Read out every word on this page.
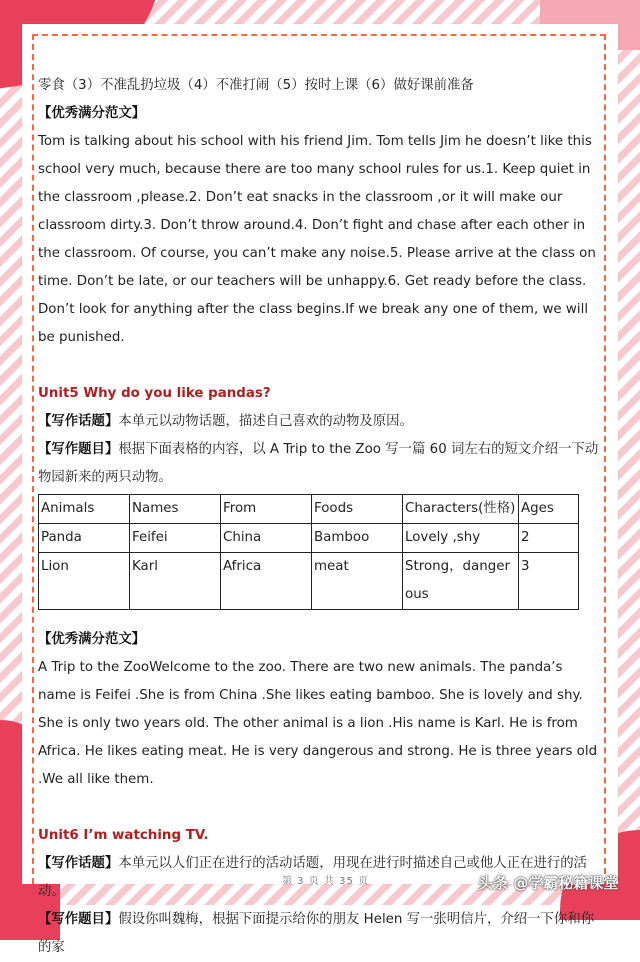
零食（3）不准乱扔垃圾（4）不准打闹（5）按时上课（6）做好课前准备

【优秀满分范文】

Tom is talking about his school with his friend Jim. Tom tells Jim he doesn’t like this school very much, because there are too many school rules for us.1. Keep quiet in the classroom ,please.2. Don’t eat snacks in the classroom ,or it will make our classroom dirty.3. Don’t throw around.4. Don’t fight and chase after each other in the classroom. Of course, you can’t make any noise.5. Please arrive at the class on time. Don’t be late, or our teachers will be unhappy.6. Get ready before the class. Don’t look for anything after the class begins.If we break any one of them, we will be punished.

Unit5 Why do you like pandas?

【写作话题】本单元以动物话题，描述自己喜欢的动物及原因。

【写作题目】根据下面表格的内容，以 A Trip to the Zoo 写一篇 60 词左右的短文介绍一下动物园新来的两只动物。

Animals	Names	From	Foods	Characters(性格)	Ages
Panda	Feifei	China	Bamboo	Lovely ,shy	2
Lion	Karl	Africa	meat	Strong，dangerous	3

【优秀满分范文】

A Trip to the ZooWelcome to the zoo. There are two new animals. The panda’s name is Feifei .She is from China .She likes eating bamboo. She is lovely and shy. She is only two years old. The other animal is a lion .His name is Karl. He is from Africa. He likes eating meat. He is very dangerous and strong. He is three years old .We all like them.

Unit6 I’m watching TV.

【写作话题】本单元以人们正在进行的活动话题，用现在进行时描述自己或他人正在进行的活动。

【写作题目】假设你叫魏梅，根据下面提示给你的朋友 Helen 写一张明信片，介绍一下你和你的家

第 3 页 共 35 页	头条 @学霸秘籍课堂
